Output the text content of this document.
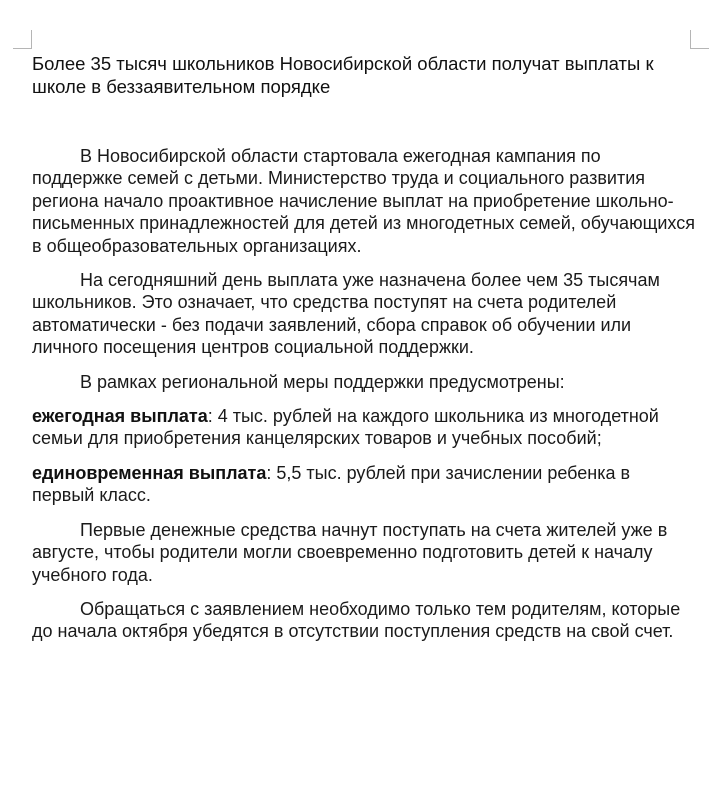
Более 35 тысяч школьников Новосибирской области получат выплаты к школе в беззаявительном порядке

В Новосибирской области стартовала ежегодная кампания по поддержке семей с детьми. Министерство труда и социального развития региона начало проактивное начисление выплат на приобретение школьно-письменных принадлежностей для детей из многодетных семей, обучающихся в общеобразовательных организациях.

На сегодняшний день выплата уже назначена более чем 35 тысячам школьников. Это означает, что средства поступят на счета родителей автоматически - без подачи заявлений, сбора справок об обучении или личного посещения центров социальной поддержки.

В рамках региональной меры поддержки предусмотрены:

ежегодная выплата: 4 тыс. рублей на каждого школьника из многодетной семьи для приобретения канцелярских товаров и учебных пособий;

единовременная выплата: 5,5 тыс. рублей при зачислении ребенка в первый класс.

Первые денежные средства начнут поступать на счета жителей уже в августе, чтобы родители могли своевременно подготовить детей к началу учебного года.

Обращаться с заявлением необходимо только тем родителям, которые до начала октября убедятся в отсутствии поступления средств на свой счет.
